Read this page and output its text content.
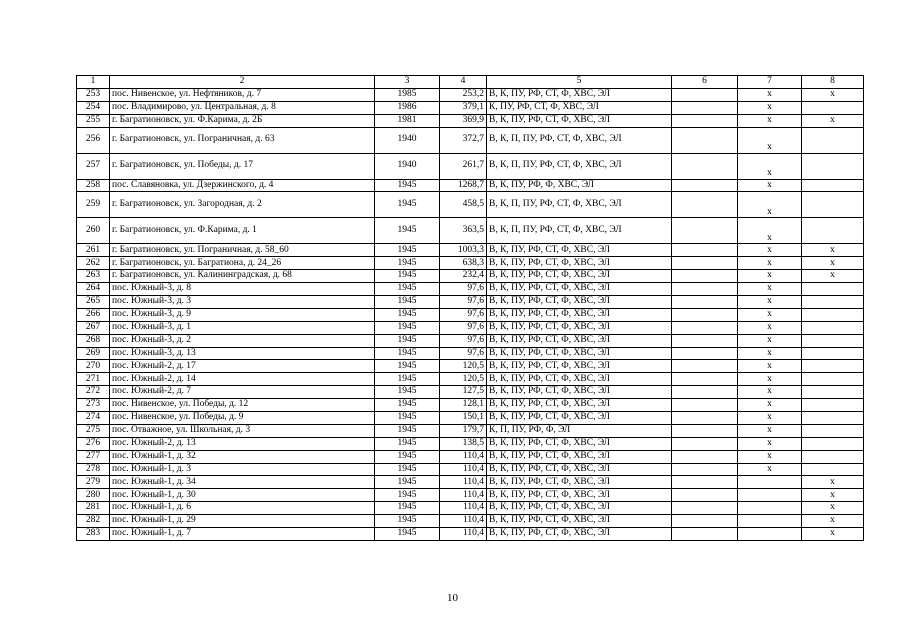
1	2	3	4	5	6	7	8
253	пос. Нивенское, ул. Нефтяников, д. 7	1985	253,2	В, К, ПУ, РФ, СТ, Ф, ХВС, ЭЛ		х	х
254	пос. Владимирово, ул. Центральная, д. 8	1986	379,1	К, ПУ, РФ, СТ, Ф, ХВС, ЭЛ		х	
255	г. Багратионовск, ул. Ф.Карима, д. 2Б	1981	369,9	В, К, ПУ, РФ, СТ, Ф, ХВС, ЭЛ		х	х
256	г. Багратионовск, ул. Пограничная, д. 63	1940	372,7	В, К, П, ПУ, РФ, СТ, Ф, ХВС, ЭЛ		х	
257	г. Багратионовск, ул. Победы, д. 17	1940	261,7	В, К, П, ПУ, РФ, СТ, Ф, ХВС, ЭЛ		х	
258	пос. Славяновка, ул. Дзержинского, д. 4	1945	1268,7	В, К, ПУ, РФ, Ф, ХВС, ЭЛ		х	
259	г. Багратионовск, ул. Загородная, д. 2	1945	458,5	В, К, П, ПУ, РФ, СТ, Ф, ХВС, ЭЛ		х	
260	г. Багратионовск, ул. Ф.Карима, д. 1	1945	363,5	В, К, П, ПУ, РФ, СТ, Ф, ХВС, ЭЛ		х	
261	г. Багратионовск, ул. Пограничная, д. 58_60	1945	1003,3	В, К, ПУ, РФ, СТ, Ф, ХВС, ЭЛ		х	х
262	г. Багратионовск, ул. Багратиона, д. 24_26	1945	638,3	В, К, ПУ, РФ, СТ, Ф, ХВС, ЭЛ		х	х
263	г. Багратионовск, ул. Калининградская, д. 68	1945	232,4	В, К, ПУ, РФ, СТ, Ф, ХВС, ЭЛ		х	х
264	пос. Южный-3, д. 8	1945	97,6	В, К, ПУ, РФ, СТ, Ф, ХВС, ЭЛ		х	
265	пос. Южный-3, д. 3	1945	97,6	В, К, ПУ, РФ, СТ, Ф, ХВС, ЭЛ		х	
266	пос. Южный-3, д. 9	1945	97,6	В, К, ПУ, РФ, СТ, Ф, ХВС, ЭЛ		х	
267	пос. Южный-3, д. 1	1945	97,6	В, К, ПУ, РФ, СТ, Ф, ХВС, ЭЛ		х	
268	пос. Южный-3, д. 2	1945	97,6	В, К, ПУ, РФ, СТ, Ф, ХВС, ЭЛ		х	
269	пос. Южный-3, д. 13	1945	97,6	В, К, ПУ, РФ, СТ, Ф, ХВС, ЭЛ		х	
270	пос. Южный-2, д. 17	1945	120,5	В, К, ПУ, РФ, СТ, Ф, ХВС, ЭЛ		х	
271	пос. Южный-2, д. 14	1945	120,5	В, К, ПУ, РФ, СТ, Ф, ХВС, ЭЛ		х	
272	пос. Южный-2, д. 7	1945	127,5	В, К, ПУ, РФ, СТ, Ф, ХВС, ЭЛ		х	
273	пос. Нивенское, ул. Победы, д. 12	1945	128,1	В, К, ПУ, РФ, СТ, Ф, ХВС, ЭЛ		х	
274	пос. Нивенское, ул. Победы, д. 9	1945	150,1	В, К, ПУ, РФ, СТ, Ф, ХВС, ЭЛ		х	
275	пос. Отважное, ул. Школьная, д. 3	1945	179,7	К, П, ПУ, РФ, Ф, ЭЛ		х	
276	пос. Южный-2, д. 13	1945	138,5	В, К, ПУ, РФ, СТ, Ф, ХВС, ЭЛ		х	
277	пос. Южный-1, д. 32	1945	110,4	В, К, ПУ, РФ, СТ, Ф, ХВС, ЭЛ		х	
278	пос. Южный-1, д. 3	1945	110,4	В, К, ПУ, РФ, СТ, Ф, ХВС, ЭЛ		х	
279	пос. Южный-1, д. 34	1945	110,4	В, К, ПУ, РФ, СТ, Ф, ХВС, ЭЛ			х
280	пос. Южный-1, д. 30	1945	110,4	В, К, ПУ, РФ, СТ, Ф, ХВС, ЭЛ			х
281	пос. Южный-1, д. 6	1945	110,4	В, К, ПУ, РФ, СТ, Ф, ХВС, ЭЛ			х
282	пос. Южный-1, д. 29	1945	110,4	В, К, ПУ, РФ, СТ, Ф, ХВС, ЭЛ			х
283	пос. Южный-1, д. 7	1945	110,4	В, К, ПУ, РФ, СТ, Ф, ХВС, ЭЛ			х
10
